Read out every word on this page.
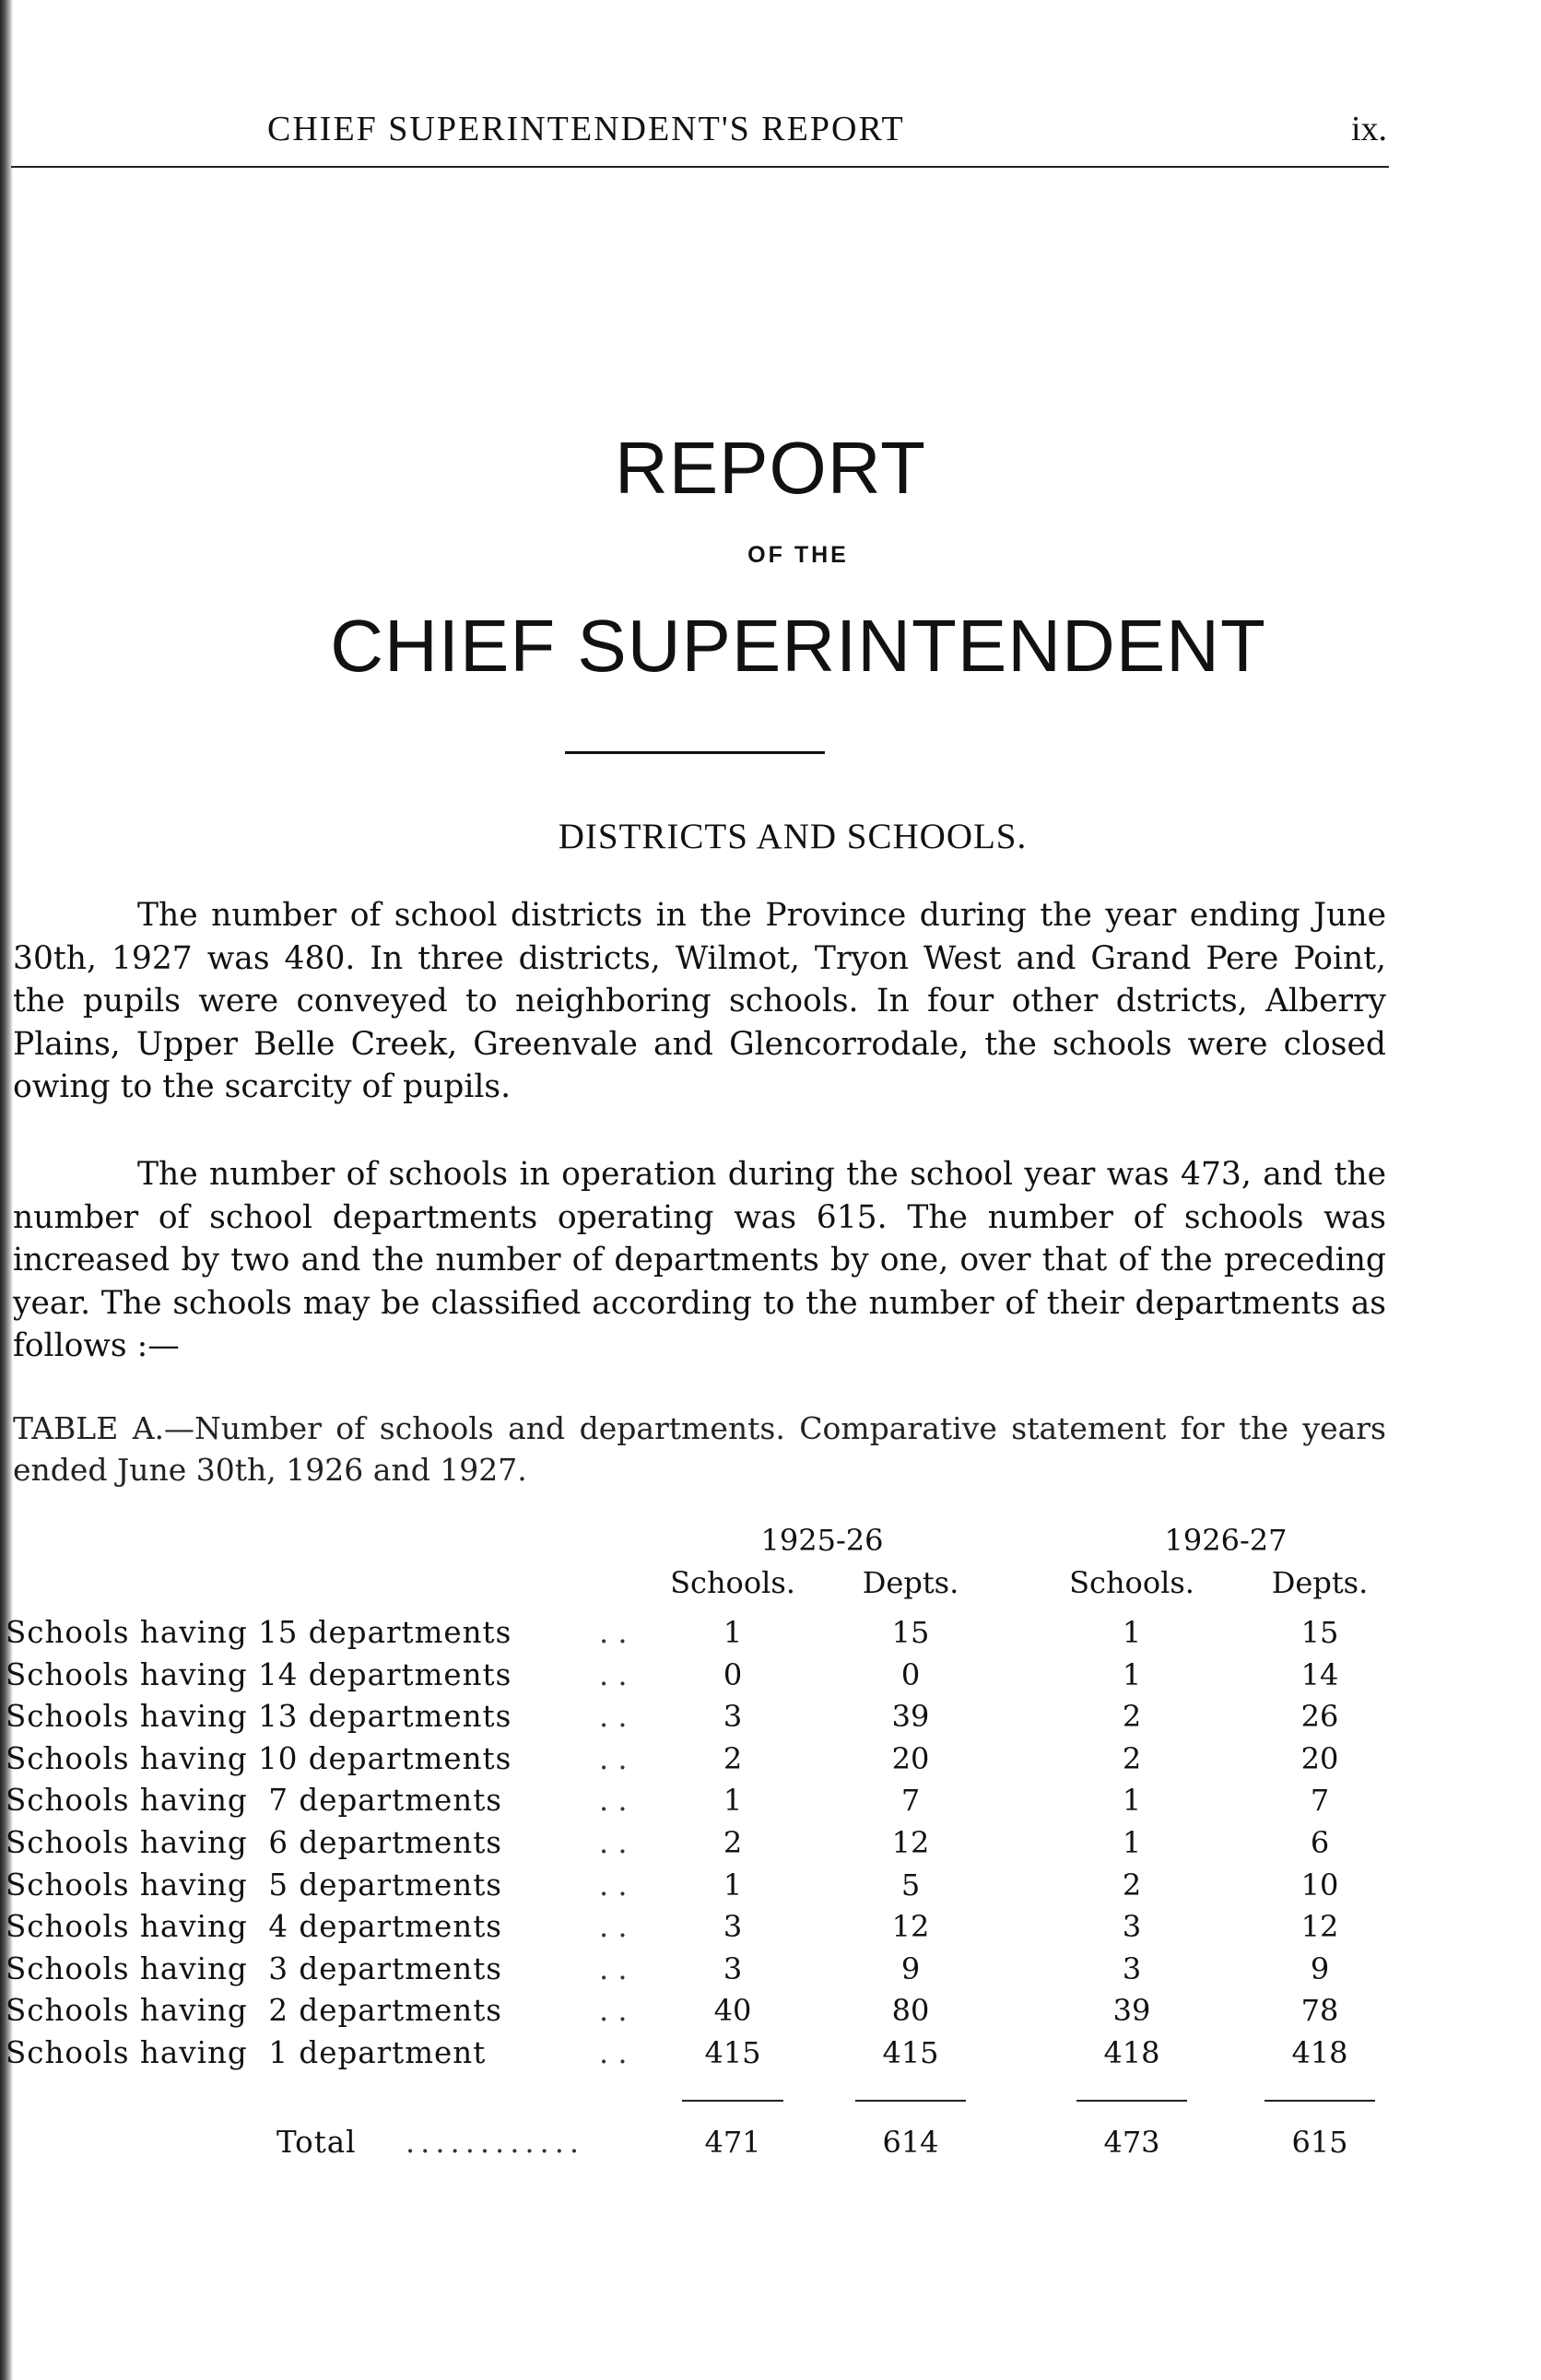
CHIEF SUPERINTENDENT'S REPORT	ix.
REPORT
OF THE
CHIEF SUPERINTENDENT
DISTRICTS AND SCHOOLS.

The number of school districts in the Province during the year ending June 30th, 1927 was 480. In three districts, Wilmot, Tryon West and Grand Pere Point, the pupils were conveyed to neighboring schools. In four other dstricts, Alberry Plains, Upper Belle Creek, Greenvale and Glencorrodale, the schools were closed owing to the scarcity of pupils.

The number of schools in operation during the school year was 473, and the number of school departments operating was 615. The number of schools was increased by two and the number of departments by one, over that of the preceding year. The schools may be classified according to the number of their departments as follows :—

TABLE A.—Number of schools and departments. Comparative statement for the years ended June 30th, 1926 and 1927.

1925-26	1926-27
Schools. Depts.	Schools.	Depts.
Schools having 15 departments	. .	1	15	1	15
Schools having 14 departments	. .	0	0	1	14
Schools having 13 departments	. .	3	39	2	26
Schools having 10 departments	. .	2	20	2	20
Schools having  7 departments	. .	1	7	1	7
Schools having  6 departments	. .	2	12	1	6
Schools having  5 departments	. .	1	5	2	10
Schools having  4 departments	. .	3	12	3	12
Schools having  3 departments	. .	3	9	3	9
Schools having  2 departments	. .	40	80	39	78
Schools having  1 department	. .	415	415	418	418
Total ............	471	614	473	615
